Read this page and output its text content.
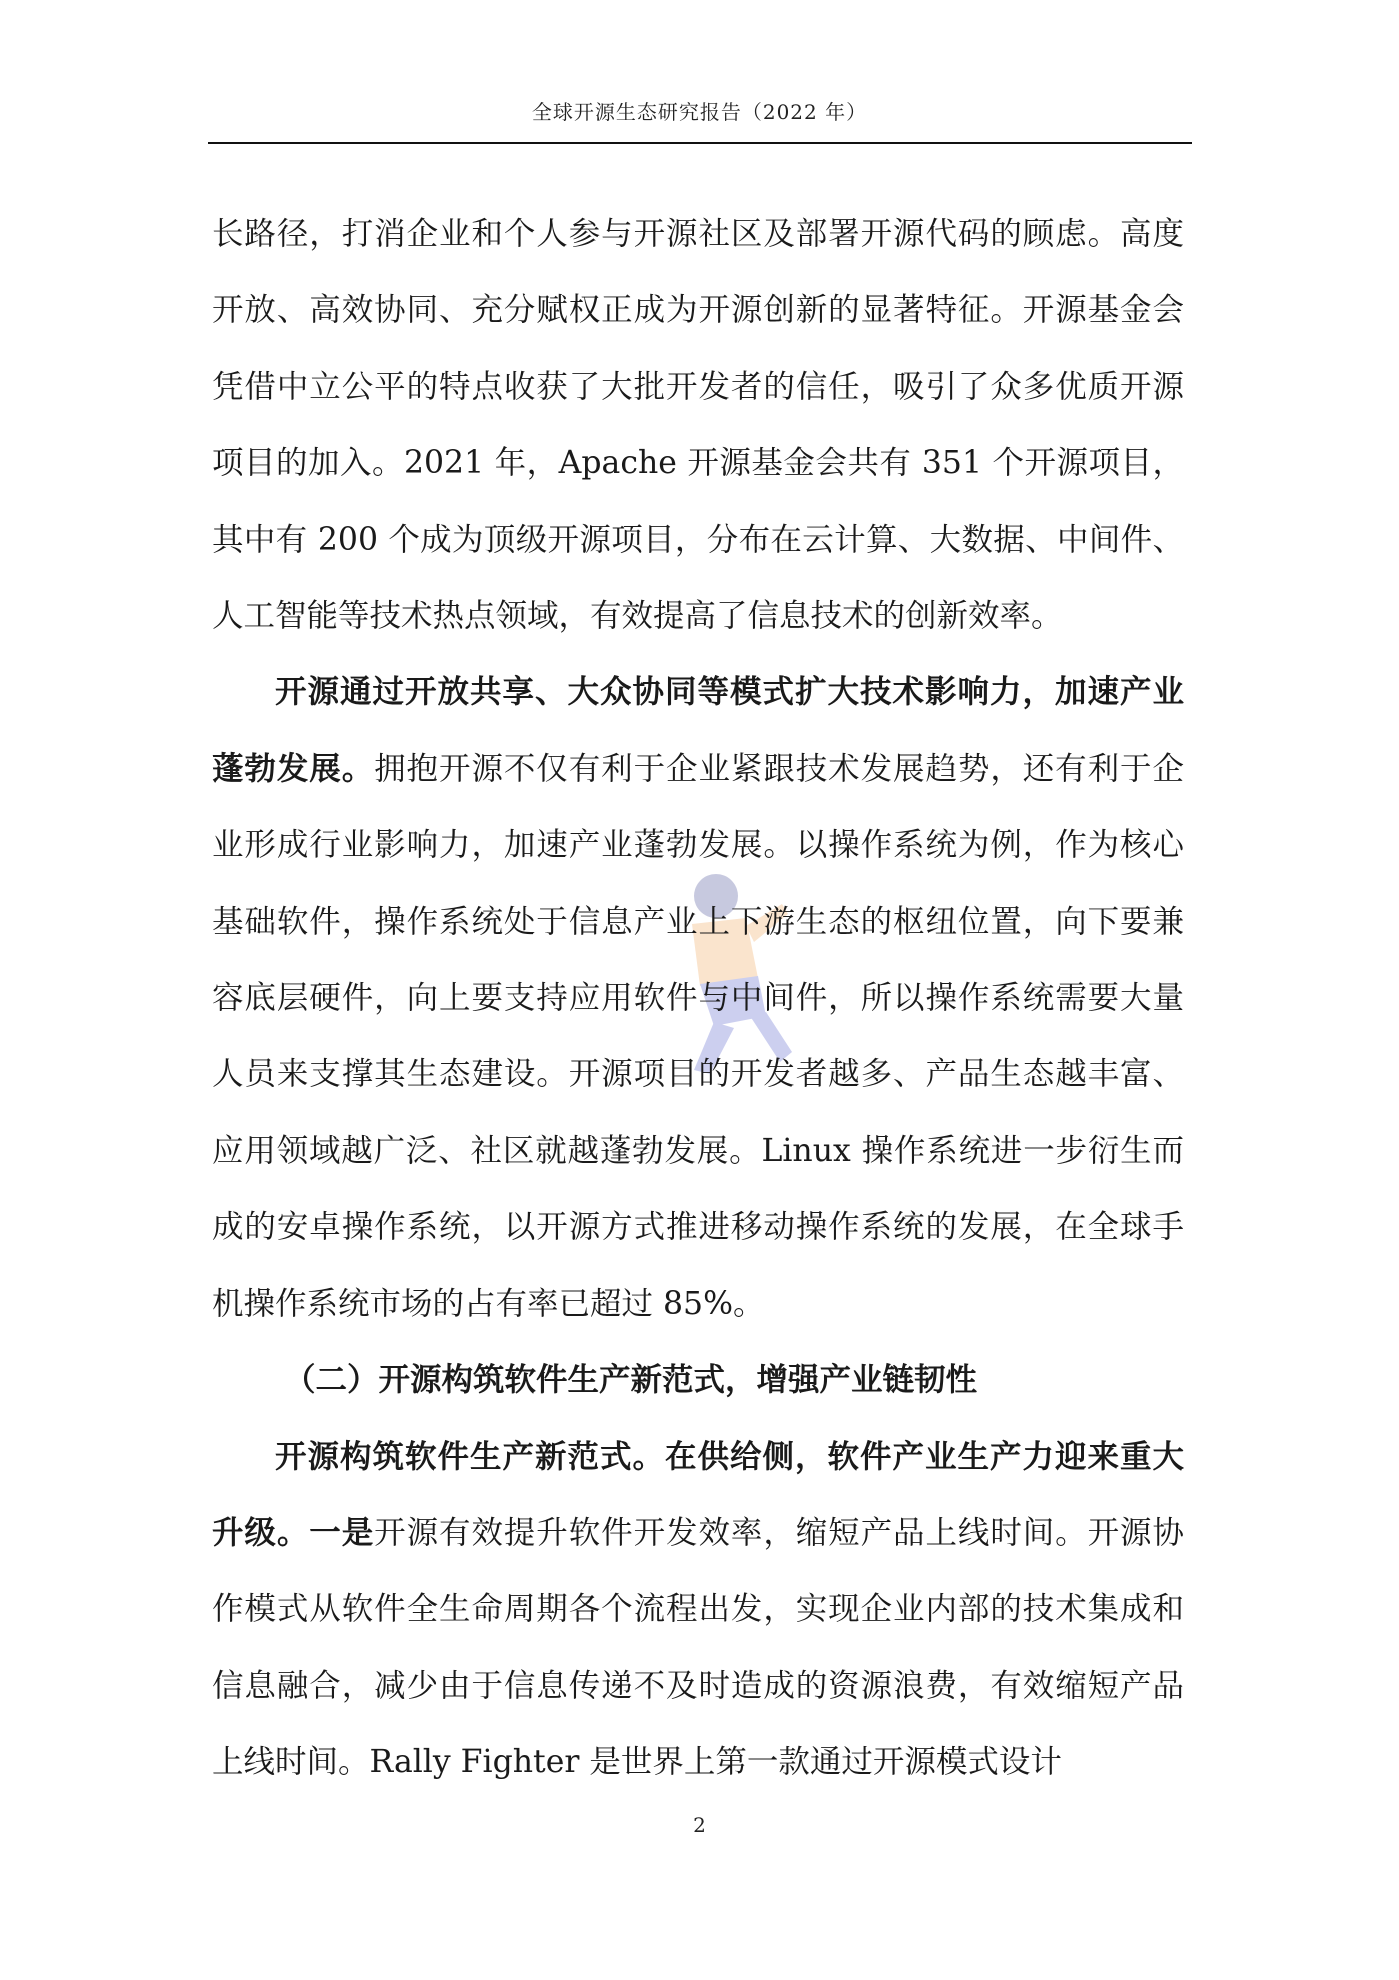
全球开源生态研究报告（2022 年）

长路径，打消企业和个人参与开源社区及部署开源代码的顾虑。高度开放、高效协同、充分赋权正成为开源创新的显著特征。开源基金会凭借中立公平的特点收获了大批开发者的信任，吸引了众多优质开源项目的加入。2021 年，Apache 开源基金会共有 351 个开源项目，其中有 200 个成为顶级开源项目，分布在云计算、大数据、中间件、人工智能等技术热点领域，有效提高了信息技术的创新效率。

开源通过开放共享、大众协同等模式扩大技术影响力，加速产业蓬勃发展。拥抱开源不仅有利于企业紧跟技术发展趋势，还有利于企业形成行业影响力，加速产业蓬勃发展。以操作系统为例，作为核心基础软件，操作系统处于信息产业上下游生态的枢纽位置，向下要兼容底层硬件，向上要支持应用软件与中间件，所以操作系统需要大量人员来支撑其生态建设。开源项目的开发者越多、产品生态越丰富、应用领域越广泛、社区就越蓬勃发展。Linux 操作系统进一步衍生而成的安卓操作系统，以开源方式推进移动操作系统的发展，在全球手机操作系统市场的占有率已超过 85%。

（二）开源构筑软件生产新范式，增强产业链韧性

开源构筑软件生产新范式。在供给侧，软件产业生产力迎来重大升级。一是开源有效提升软件开发效率，缩短产品上线时间。开源协作模式从软件全生命周期各个流程出发，实现企业内部的技术集成和信息融合，减少由于信息传递不及时造成的资源浪费，有效缩短产品上线时间。Rally Fighter 是世界上第一款通过开源模式设计

2
